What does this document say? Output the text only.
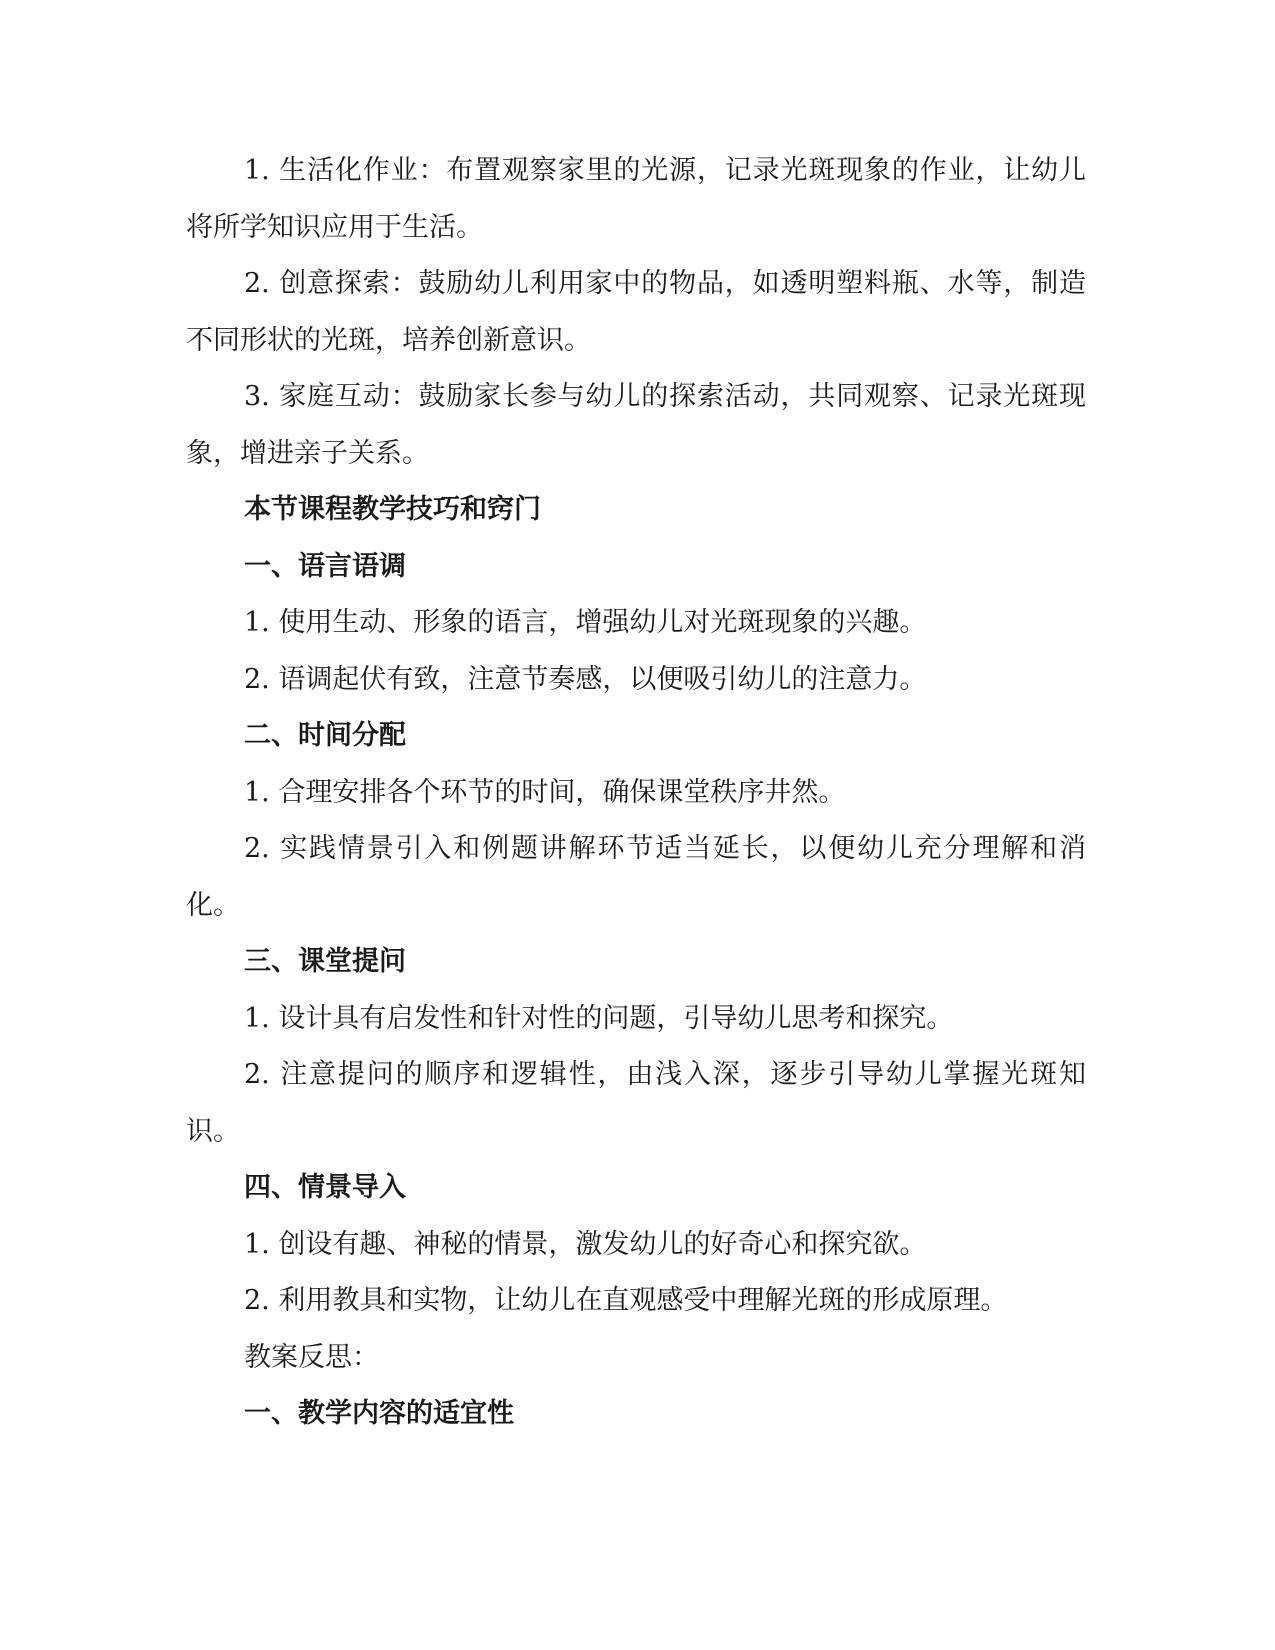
1. 生活化作业：布置观察家里的光源，记录光斑现象的作业，让幼儿将所学知识应用于生活。

2. 创意探索：鼓励幼儿利用家中的物品，如透明塑料瓶、水等，制造不同形状的光斑，培养创新意识。

3. 家庭互动：鼓励家长参与幼儿的探索活动，共同观察、记录光斑现象，增进亲子关系。

本节课程教学技巧和窍门

一、语言语调

1. 使用生动、形象的语言，增强幼儿对光斑现象的兴趣。

2. 语调起伏有致，注意节奏感，以便吸引幼儿的注意力。

二、时间分配

1. 合理安排各个环节的时间，确保课堂秩序井然。

2. 实践情景引入和例题讲解环节适当延长，以便幼儿充分理解和消化。

三、课堂提问

1. 设计具有启发性和针对性的问题，引导幼儿思考和探究。

2. 注意提问的顺序和逻辑性，由浅入深，逐步引导幼儿掌握光斑知识。

四、情景导入

1. 创设有趣、神秘的情景，激发幼儿的好奇心和探究欲。

2. 利用教具和实物，让幼儿在直观感受中理解光斑的形成原理。

教案反思：

一、教学内容的适宜性
